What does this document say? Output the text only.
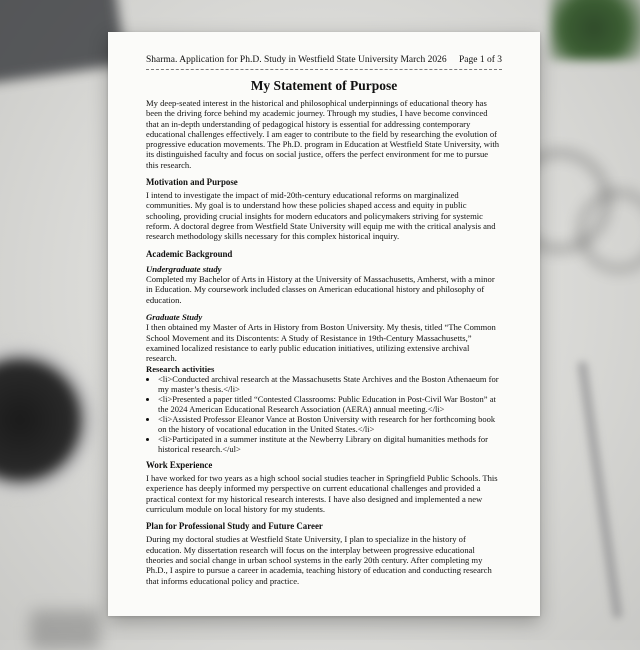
Sharma. Application for Ph.D. Study in Westfield State University March 2026 Page 1 of 3
My Statement of Purpose

My deep-seated interest in the historical and philosophical underpinnings of educational theory has been the driving force behind my academic journey. Through my studies, I have become convinced that an in-depth understanding of pedagogical history is essential for addressing contemporary educational challenges effectively. I am eager to contribute to the field by researching the evolution of progressive education movements. The Ph.D. program in Education at Westfield State University, with its distinguished faculty and focus on social justice, offers the perfect environment for me to pursue this research.

Motivation and Purpose

I intend to investigate the impact of mid-20th-century educational reforms on marginalized communities. My goal is to understand how these policies shaped access and equity in public schooling, providing crucial insights for modern educators and policymakers striving for systemic reform. A doctoral degree from Westfield State University will equip me with the critical analysis and research methodology skills necessary for this complex historical inquiry.

Academic Background
Undergraduate study

Completed my Bachelor of Arts in History at the University of Massachusetts, Amherst, with a minor in Education. My coursework included classes on American educational history and philosophy of education.

Graduate Study

I then obtained my Master of Arts in History from Boston University. My thesis, titled “The Common School Movement and its Discontents: A Study of Resistance in 19th-Century Massachusetts,” examined localized resistance to early public education initiatives, utilizing extensive archival research.

Research activities
• <li>Conducted archival research at the Massachusetts State Archives and the Boston Athenaeum for my master’s thesis.</li>
• <li>Presented a paper titled “Contested Classrooms: Public Education in Post-Civil War Boston” at the 2024 American Educational Research Association (AERA) annual meeting.</li>
• <li>Assisted Professor Eleanor Vance at Boston University with research for her forthcoming book on the history of vocational education in the United States.</li>
• <li>Participated in a summer institute at the Newberry Library on digital humanities methods for historical research.</ul>
Work Experience

I have worked for two years as a high school social studies teacher in Springfield Public Schools. This experience has deeply informed my perspective on current educational challenges and provided a practical context for my historical research interests. I have also designed and implemented a new curriculum module on local history for my students.

Plan for Professional Study and Future Career

During my doctoral studies at Westfield State University, I plan to specialize in the history of education. My dissertation research will focus on the interplay between progressive educational theories and social change in urban school systems in the early 20th century. After completing my Ph.D., I aspire to pursue a career in academia, teaching history of education and conducting research that informs educational policy and practice.
